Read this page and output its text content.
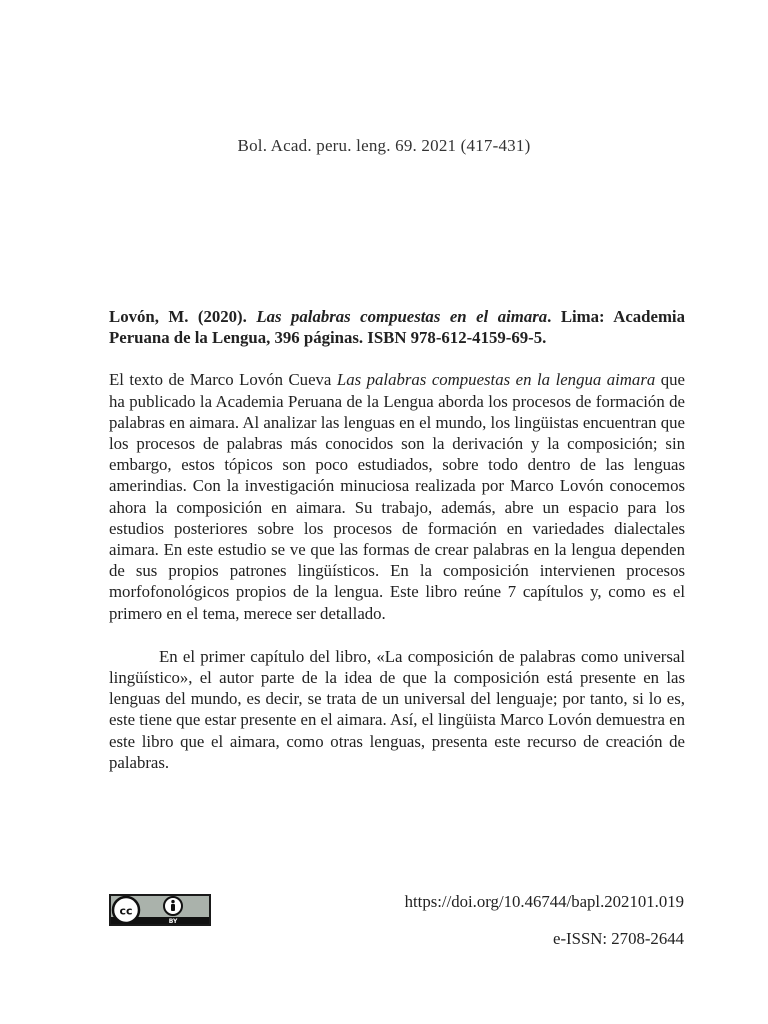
Bol. Acad. peru. leng. 69. 2021 (417-431)

Lovón, M. (2020). Las palabras compuestas en el aimara. Lima: Academia Peruana de la Lengua, 396 páginas. ISBN 978-612-4159-69-5.

El texto de Marco Lovón Cueva Las palabras compuestas en la lengua aimara que ha publicado la Academia Peruana de la Lengua aborda los procesos de formación de palabras en aimara. Al analizar las lenguas en el mundo, los lingüistas encuentran que los procesos de palabras más conocidos son la derivación y la composición; sin embargo, estos tópicos son poco estudiados, sobre todo dentro de las lenguas amerindias. Con la investigación minuciosa realizada por Marco Lovón conocemos ahora la composición en aimara. Su trabajo, además, abre un espacio para los estudios posteriores sobre los procesos de formación en variedades dialectales aimara. En este estudio se ve que las formas de crear palabras en la lengua dependen de sus propios patrones lingüísticos. En la composición intervienen procesos morfofonológicos propios de la lengua. Este libro reúne 7 capítulos y, como es el primero en el tema, merece ser detallado.

En el primer capítulo del libro, «La composición de palabras como universal lingüístico», el autor parte de la idea de que la composición está presente en las lenguas del mundo, es decir, se trata de un universal del lenguaje; por tanto, si lo es, este tiene que estar presente en el aimara. Así, el lingüista Marco Lovón demuestra en este libro que el aimara, como otras lenguas, presenta este recurso de creación de palabras.

cc
BY
https://doi.org/10.46744/bapl.202101.019
e-ISSN: 2708-2644
